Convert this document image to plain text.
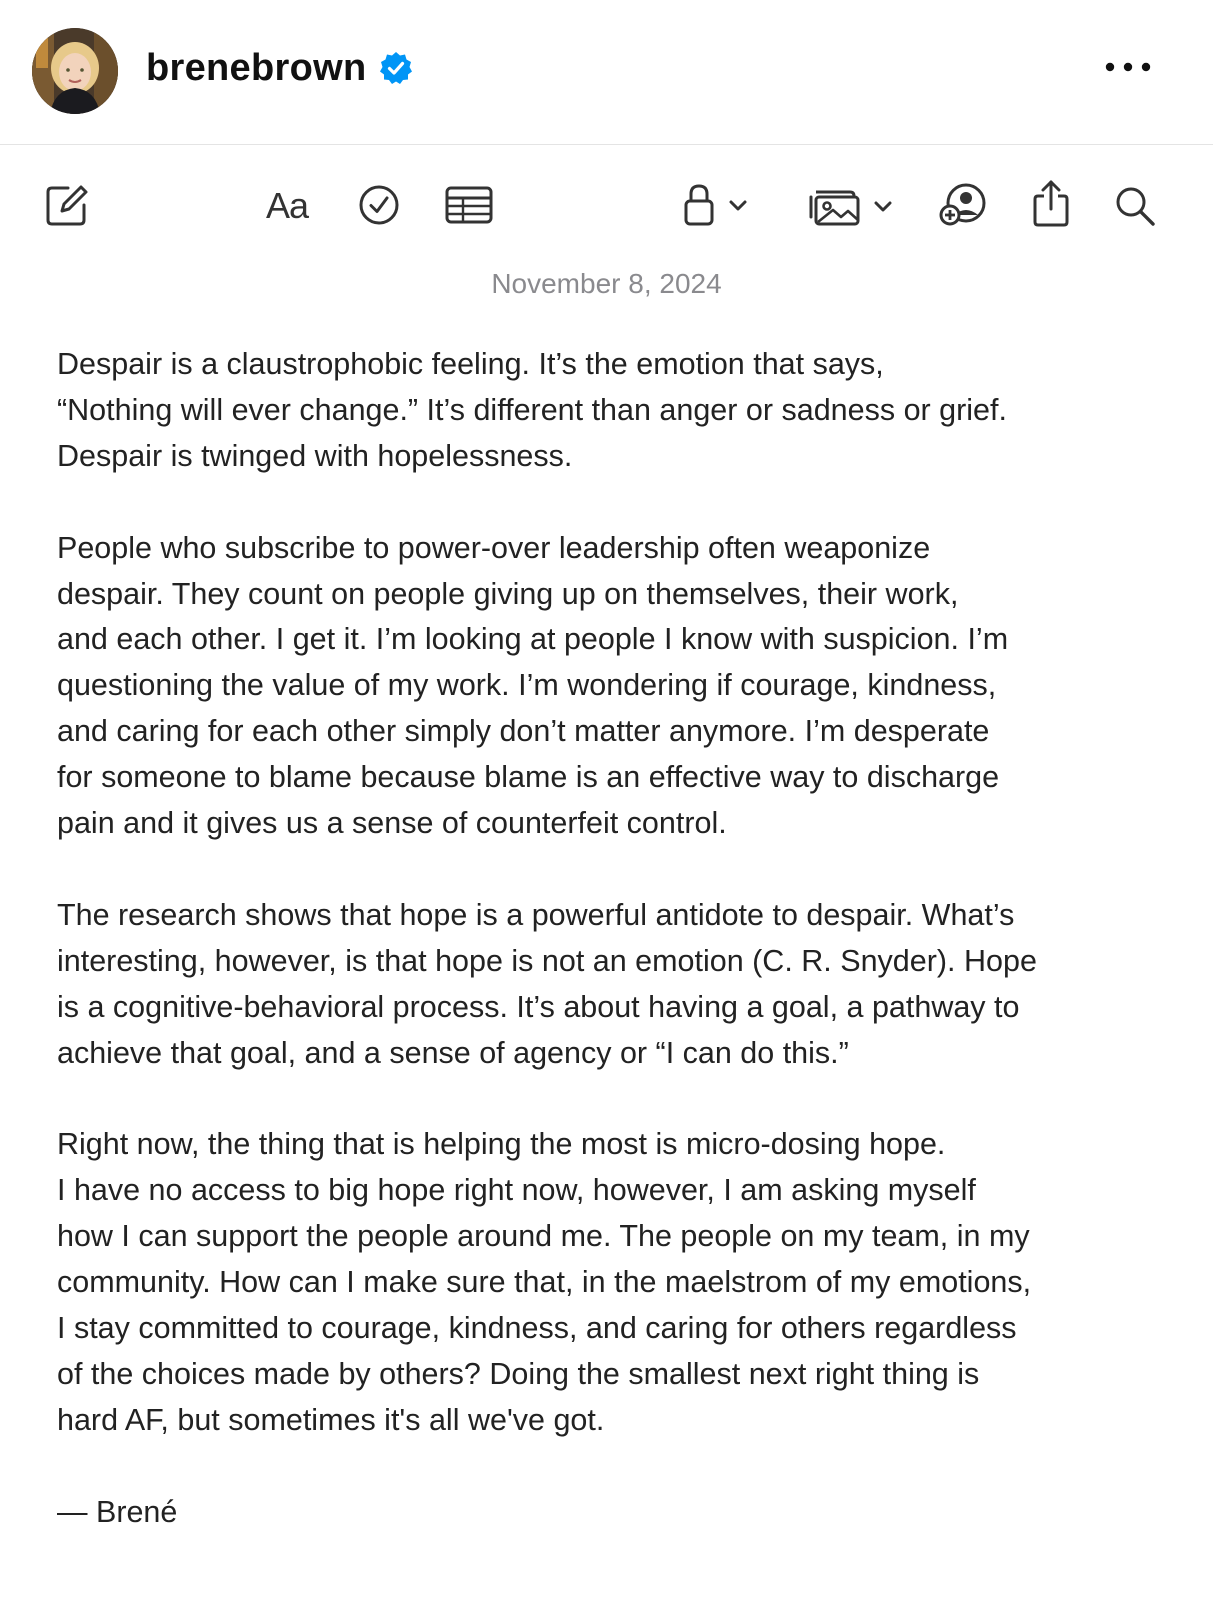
brenebrown
Aa
November 8, 2024

Despair is a claustrophobic feeling. It’s the emotion that says,
“Nothing will ever change.” It’s different than anger or sadness or grief.
Despair is twinged with hopelessness.

People who subscribe to power-over leadership often weaponize
despair. They count on people giving up on themselves, their work,
and each other. I get it. I’m looking at people I know with suspicion. I’m
questioning the value of my work. I’m wondering if courage, kindness,
and caring for each other simply don’t matter anymore. I’m desperate
for someone to blame because blame is an effective way to discharge
pain and it gives us a sense of counterfeit control.

The research shows that hope is a powerful antidote to despair. What’s
interesting, however, is that hope is not an emotion (C. R. Snyder). Hope
is a cognitive-behavioral process. It’s about having a goal, a pathway to
achieve that goal, and a sense of agency or “I can do this.”

Right now, the thing that is helping the most is micro-dosing hope.
I have no access to big hope right now, however, I am asking myself
how I can support the people around me. The people on my team, in my
community. How can I make sure that, in the maelstrom of my emotions,
I stay committed to courage, kindness, and caring for others regardless
of the choices made by others? Doing the smallest next right thing is
hard AF, but sometimes it's all we've got.

— Brené
